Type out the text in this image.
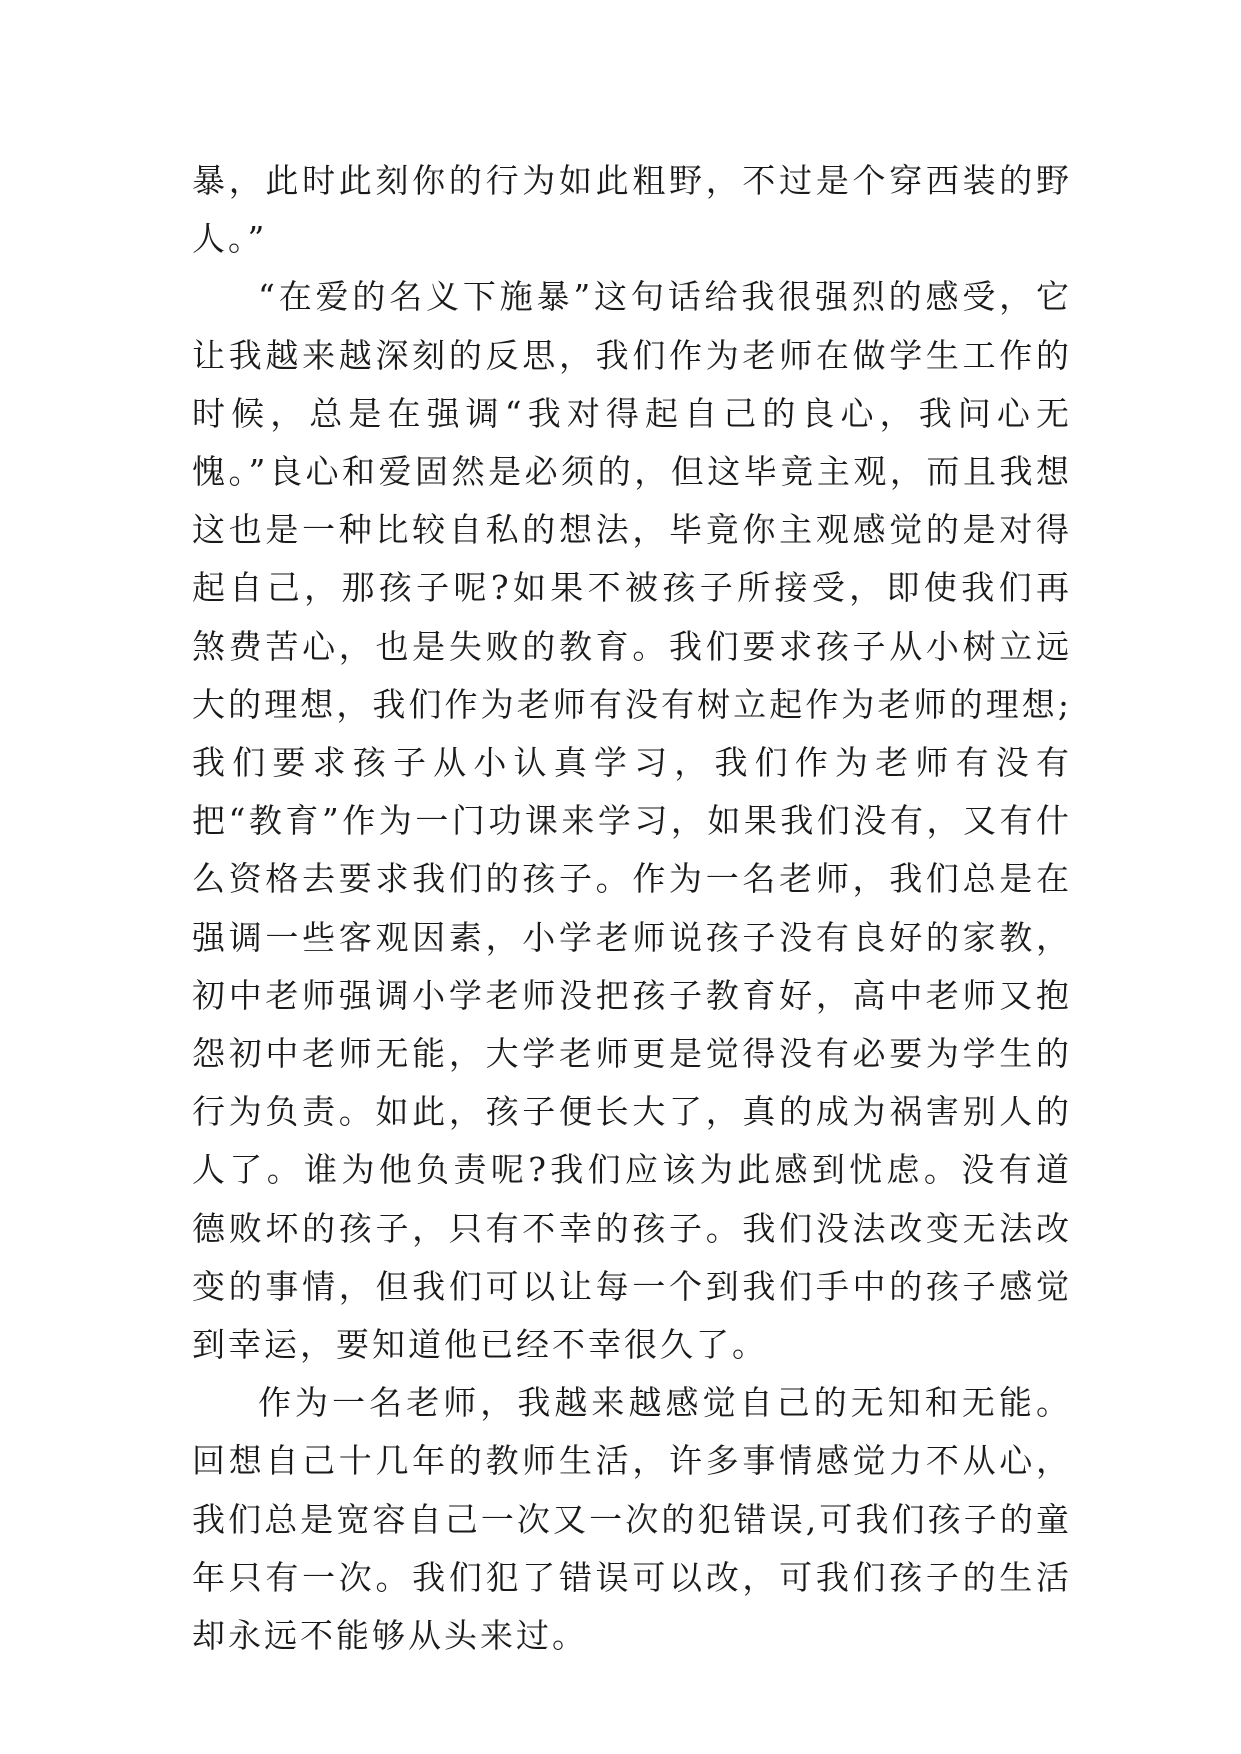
暴，此时此刻你的行为如此粗野，不过是个穿西装的野人。”

“在爱的名义下施暴”这句话给我很强烈的感受，它让我越来越深刻的反思，我们作为老师在做学生工作的时候，总是在强调“我对得起自己的良心，我问心无愧。”良心和爱固然是必须的，但这毕竟主观，而且我想这也是一种比较自私的想法，毕竟你主观感觉的是对得起自己，那孩子呢?如果不被孩子所接受，即使我们再煞费苦心，也是失败的教育。我们要求孩子从小树立远大的理想，我们作为老师有没有树立起作为老师的理想;我们要求孩子从小认真学习，我们作为老师有没有把“教育”作为一门功课来学习，如果我们没有，又有什么资格去要求我们的孩子。作为一名老师，我们总是在强调一些客观因素，小学老师说孩子没有良好的家教，初中老师强调小学老师没把孩子教育好，高中老师又抱怨初中老师无能，大学老师更是觉得没有必要为学生的行为负责。如此，孩子便长大了，真的成为祸害别人的人了。谁为他负责呢?我们应该为此感到忧虑。没有道德败坏的孩子，只有不幸的孩子。我们没法改变无法改变的事情，但我们可以让每一个到我们手中的孩子感觉到幸运，要知道他已经不幸很久了。

作为一名老师，我越来越感觉自己的无知和无能。回想自己十几年的教师生活，许多事情感觉力不从心，我们总是宽容自己一次又一次的犯错误,可我们孩子的童年只有一次。我们犯了错误可以改，可我们孩子的生活却永远不能够从头来过。
